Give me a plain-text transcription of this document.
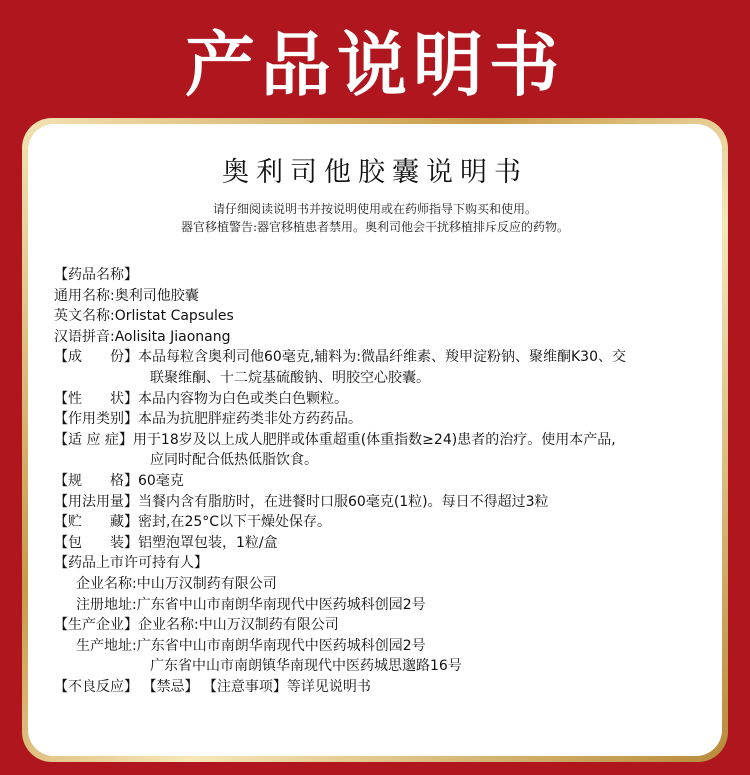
产品说明书
奥利司他胶囊说明书
请仔细阅读说明书并按说明使用或在药师指导下购买和使用。
器官移植警告:器官移植患者禁用。奥利司他会干扰移植排斥反应的药物。
【药品名称】
通用名称:奥利司他胶囊
英文名称:Orlistat Capsules
汉语拼音:Aolisita Jiaonang
【成　　份】本品每粒含奥利司他60毫克,辅料为:微晶纤维素、羧甲淀粉钠、聚维酮K30、交
联聚维酮、十二烷基硫酸钠、明胶空心胶囊。
【性　　状】本品内容物为白色或类白色颗粒。
【作用类别】本品为抗肥胖症药类非处方药药品。
【适 应 症】用于18岁及以上成人肥胖或体重超重(体重指数≥24)患者的治疗。使用本产品,
应同时配合低热低脂饮食。
【规　　格】60毫克
【用法用量】当餐内含有脂肪时，在进餐时口服60毫克(1粒)。每日不得超过3粒
【贮　　藏】密封,在25°C以下干燥处保存。
【包　　装】铝塑泡罩包装，1粒/盒
【药品上市许可持有人】
企业名称:中山万汉制药有限公司
注册地址:广东省中山市南朗华南现代中医药城科创园2号
【生产企业】企业名称:中山万汉制药有限公司
生产地址:广东省中山市南朗华南现代中医药城科创园2号
广东省中山市南朗镇华南现代中医药城思邈路16号
【不良反应】 【禁忌】 【注意事项】等详见说明书
